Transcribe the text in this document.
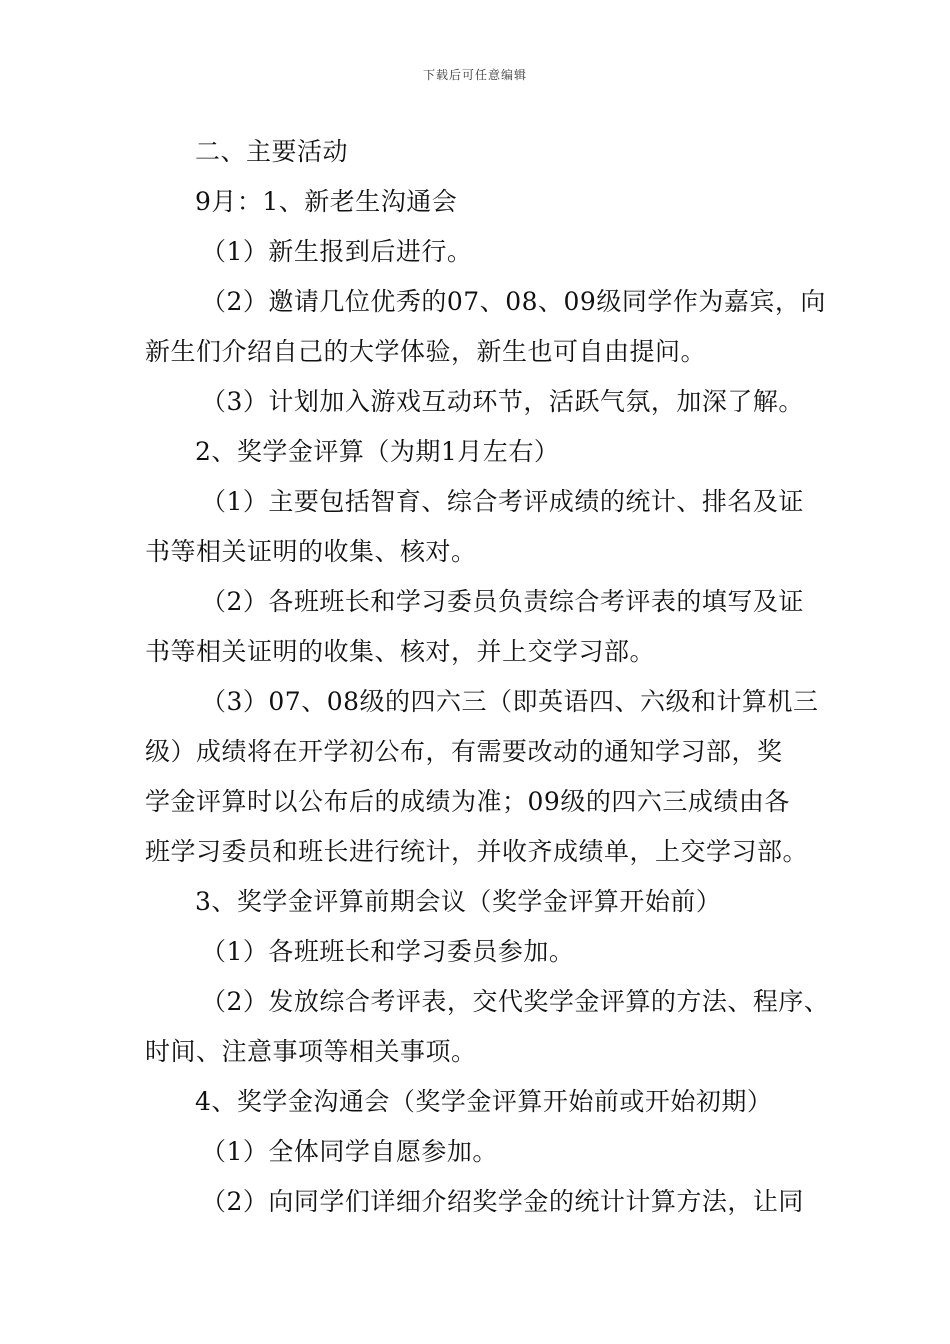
下载后可任意编辑
二、主要活动
9月：1、新老生沟通会
（1）新生报到后进行。
（2）邀请几位优秀的07、08、09级同学作为嘉宾，向
新生们介绍自己的大学体验，新生也可自由提问。
（3）计划加入游戏互动环节，活跃气氛，加深了解。
2、奖学金评算（为期1月左右）
（1）主要包括智育、综合考评成绩的统计、排名及证
书等相关证明的收集、核对。
（2）各班班长和学习委员负责综合考评表的填写及证
书等相关证明的收集、核对，并上交学习部。
（3）07、08级的四六三（即英语四、六级和计算机三
级）成绩将在开学初公布，有需要改动的通知学习部，奖
学金评算时以公布后的成绩为准；09级的四六三成绩由各
班学习委员和班长进行统计，并收齐成绩单，上交学习部。
3、奖学金评算前期会议（奖学金评算开始前）
（1）各班班长和学习委员参加。
（2）发放综合考评表，交代奖学金评算的方法、程序、
时间、注意事项等相关事项。
4、奖学金沟通会（奖学金评算开始前或开始初期）
（1）全体同学自愿参加。
（2）向同学们详细介绍奖学金的统计计算方法，让同
